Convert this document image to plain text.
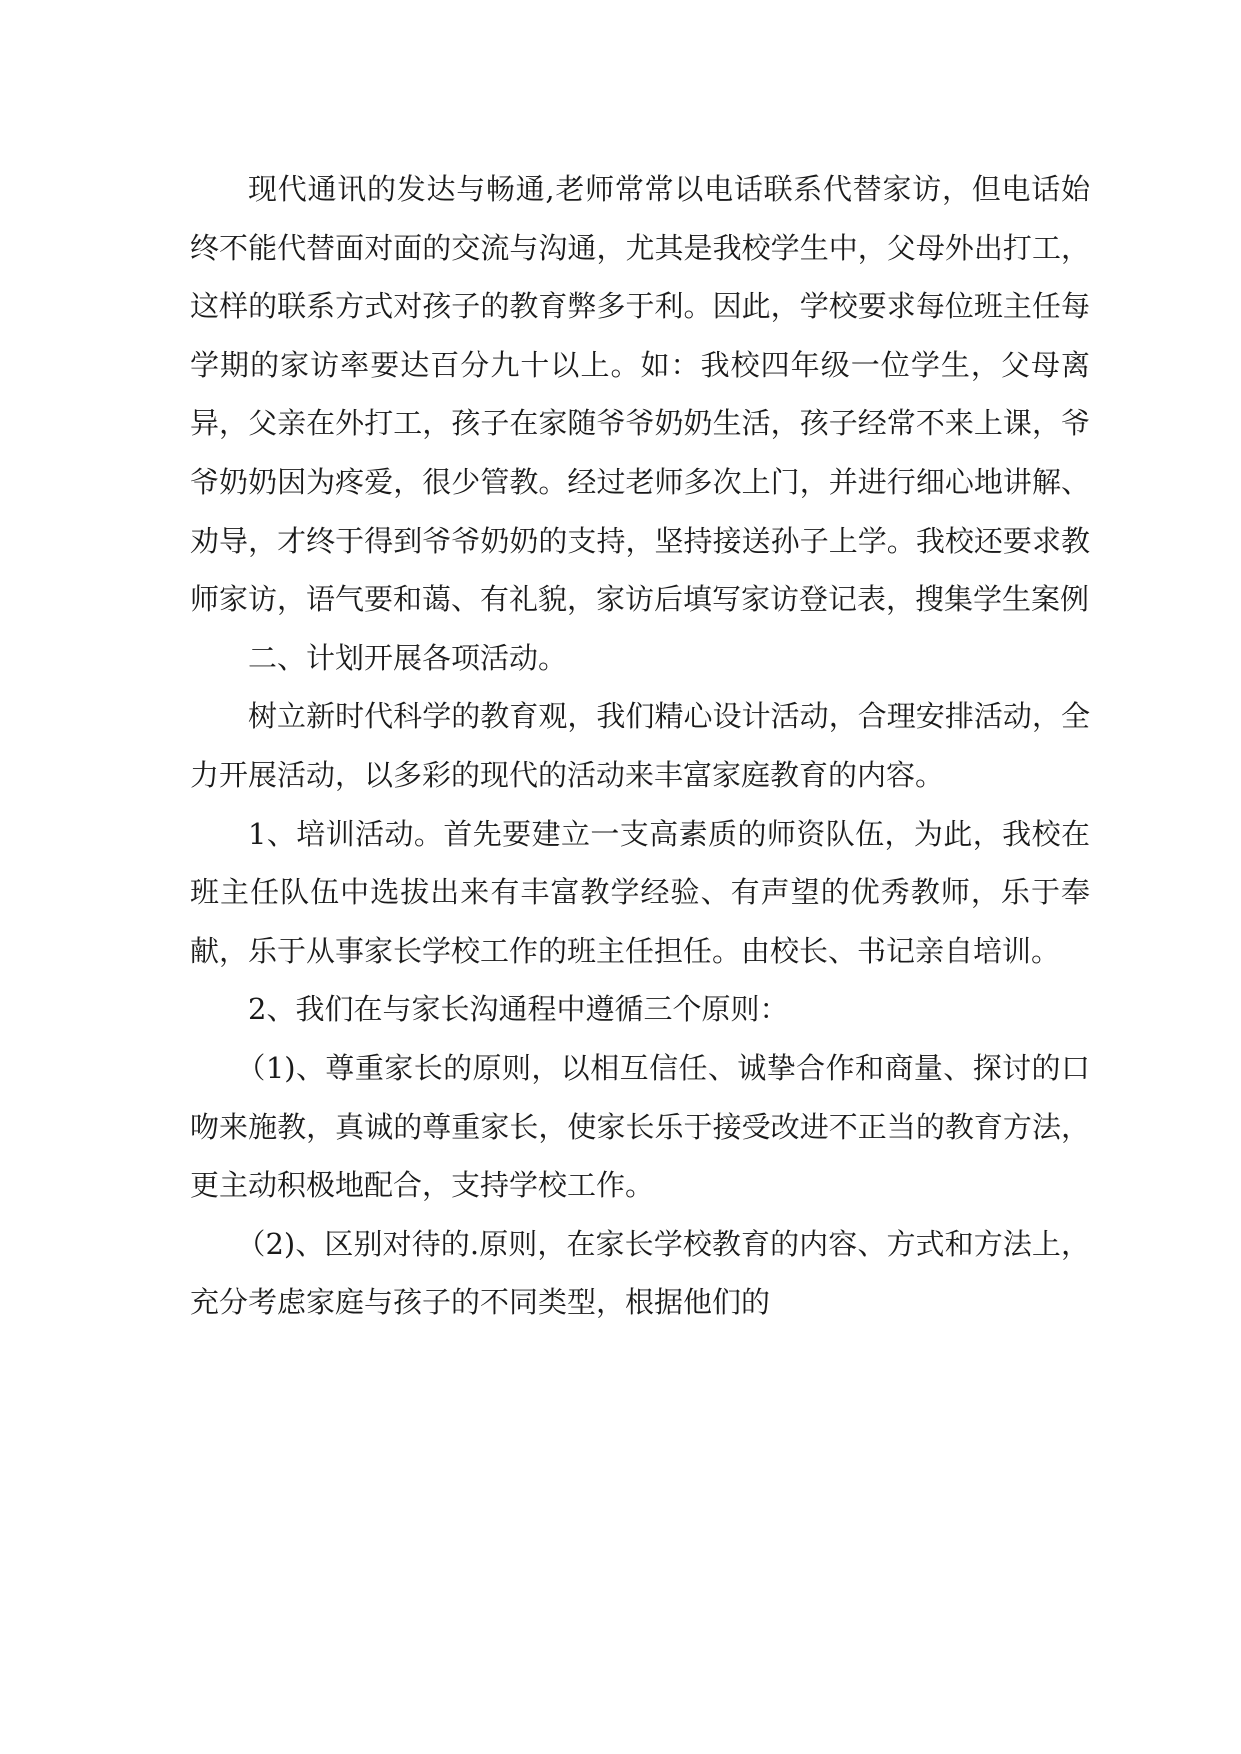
现代通讯的发达与畅通,老师常常以电话联系代替家访，但电话始终不能代替面对面的交流与沟通，尤其是我校学生中，父母外出打工，这样的联系方式对孩子的教育弊多于利。因此，学校要求每位班主任每学期的家访率要达百分九十以上。如：我校四年级一位学生，父母离异，父亲在外打工，孩子在家随爷爷奶奶生活，孩子经常不来上课，爷爷奶奶因为疼爱，很少管教。经过老师多次上门，并进行细心地讲解、劝导，才终于得到爷爷奶奶的支持，坚持接送孙子上学。我校还要求教师家访，语气要和蔼、有礼貌，家访后填写家访登记表，搜集学生案例

二、计划开展各项活动。

树立新时代科学的教育观，我们精心设计活动，合理安排活动，全力开展活动，以多彩的现代的活动来丰富家庭教育的内容。

1、培训活动。首先要建立一支高素质的师资队伍，为此，我校在班主任队伍中选拔出来有丰富教学经验、有声望的优秀教师，乐于奉献，乐于从事家长学校工作的班主任担任。由校长、书记亲自培训。

2、我们在与家长沟通程中遵循三个原则：

（1)、尊重家长的原则，以相互信任、诚挚合作和商量、探讨的口吻来施教，真诚的尊重家长，使家长乐于接受改进不正当的教育方法，更主动积极地配合，支持学校工作。

（2)、区别对待的.原则，在家长学校教育的内容、方式和方法上，充分考虑家庭与孩子的不同类型，根据他们的
